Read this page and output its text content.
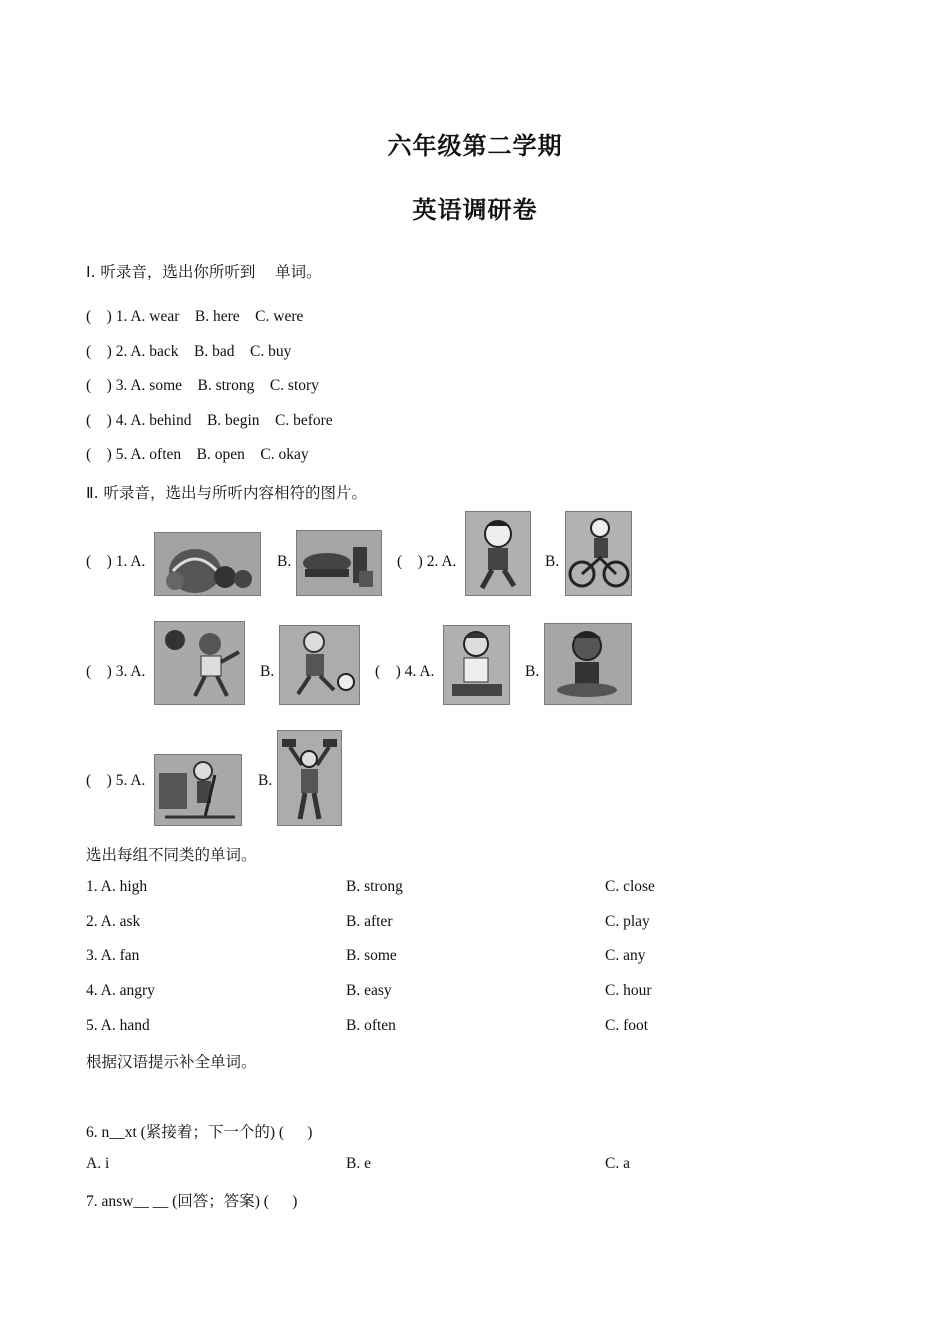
六年级第二学期
英语调研卷
Ⅰ. 听录音，选出你所听到    单词。
(    ) 1. A. wear    B. here    C. were
(    ) 2. A. back    B. bad    C. buy
(    ) 3. A. some    B. strong    C. story
(    ) 4. A. behind    B. begin    C. before
(    ) 5. A. often    B. open    C. okay
Ⅱ. 听录音，选出与所听内容相符的图片。
(    ) 1. A.	B.	(    ) 2. A.	B.
(    ) 3. A.	B.	(    ) 4. A.	B.
(    ) 5. A.	B.
选出每组不同类的单词。
1. A. high	B. strong	C. close
2. A. ask	B. after	C. play
3. A. fan	B. some	C. any
4. A. angry	B. easy	C. hour
5. A. hand	B. often	C. foot
根据汉语提示补全单词。
6. n__xt (紧接着；下一个的) (      )
A. i	B. e	C. a
7. answ__ __ (回答；答案) (      )
